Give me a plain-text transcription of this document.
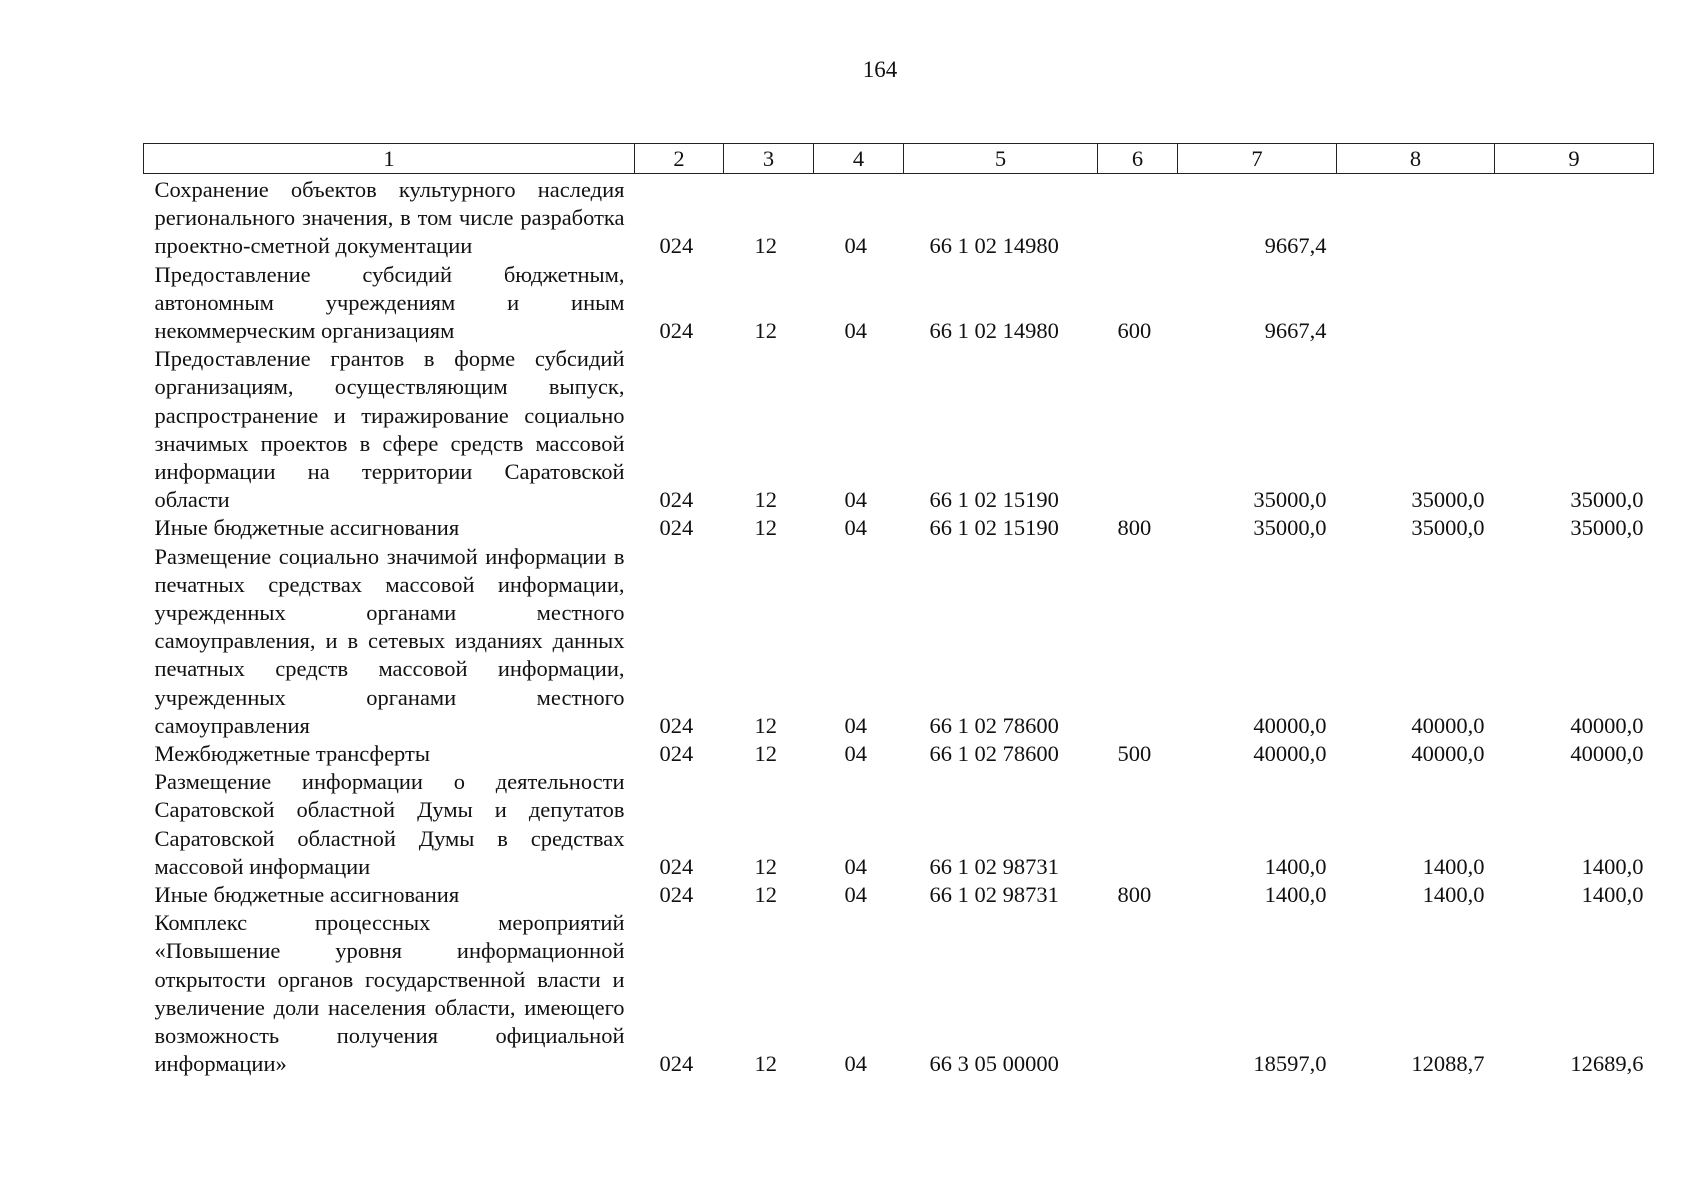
164
1	2	3	4	5	6	7	8	9
Сохранение объектов культурного наследия регионального значения, в том числе разработка проектно-сметной документации	024	12	04	66 1 02 14980		9667,4		
Предоставление субсидий бюджетным, автономным учреждениям и иным некоммерческим организациям	024	12	04	66 1 02 14980	600	9667,4		
Предоставление грантов в форме субсидий организациям, осуществляющим выпуск, распространение и тиражирование социально значимых проектов в сфере средств массовой информации на территории Саратовской области	024	12	04	66 1 02 15190		35000,0	35000,0	35000,0
Иные бюджетные ассигнования	024	12	04	66 1 02 15190	800	35000,0	35000,0	35000,0
Размещение социально значимой информации в печатных средствах массовой информации, учрежденных органами местного самоуправления, и в сетевых изданиях данных печатных средств массовой информации, учрежденных органами местного самоуправления	024	12	04	66 1 02 78600		40000,0	40000,0	40000,0
Межбюджетные трансферты	024	12	04	66 1 02 78600	500	40000,0	40000,0	40000,0
Размещение информации о деятельности Саратовской областной Думы и депутатов Саратовской областной Думы в средствах массовой информации	024	12	04	66 1 02 98731		1400,0	1400,0	1400,0
Иные бюджетные ассигнования	024	12	04	66 1 02 98731	800	1400,0	1400,0	1400,0
Комплекс процессных мероприятий «Повышение уровня информационной открытости органов государственной власти и увеличение доли населения области, имеющего возможность получения официальной информации»	024	12	04	66 3 05 00000		18597,0	12088,7	12689,6
